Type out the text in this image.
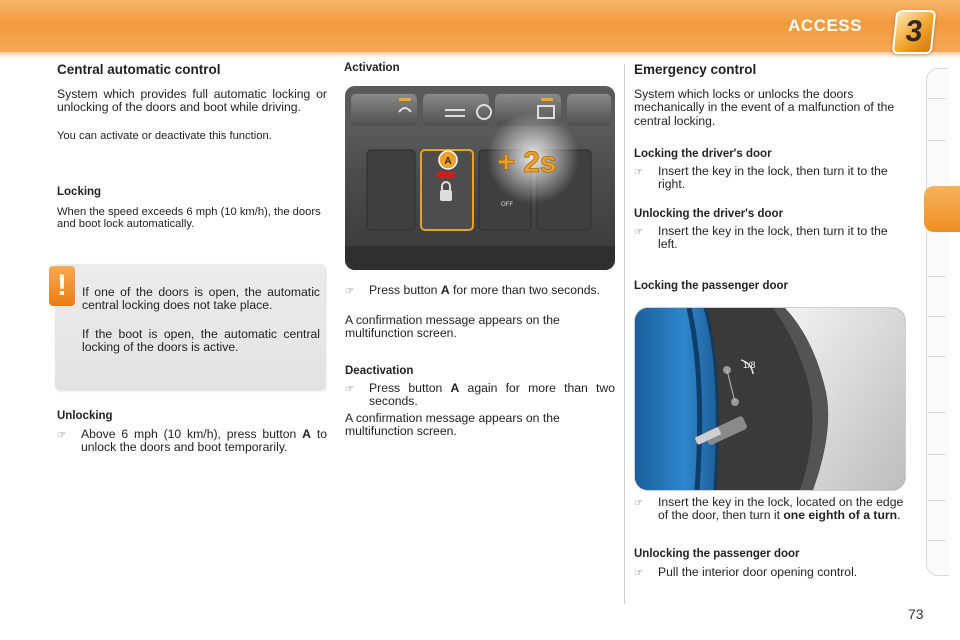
ACCESS	3
Central automatic control
System which provides full automatic locking or unlocking of the doors and boot while driving.
You can activate or deactivate this function.
Locking
When the speed exceeds 6 mph (10 km/h), the doors and boot lock automatically.
!	If one of the doors is open, the automatic central locking does not take place.
If the boot is open, the automatic central locking of the doors is active.
Unlocking
☞	Above 6 mph (10 km/h), press button A to unlock the doors and boot temporarily.
Activation
OFF
A + 2s
☞	Press button A for more than two seconds.
A confirmation message appears on the multifunction screen.
Deactivation
☞	Press button A again for more than two seconds.
A confirmation message appears on the multifunction screen.
Emergency control
System which locks or unlocks the doors mechanically in the event of a malfunction of the central locking.
Locking the driver's door
☞	Insert the key in the lock, then turn it to the right.
Unlocking the driver's door
☞	Insert the key in the lock, then turn it to the left.
Locking the passenger door
1/8
☞	Insert the key in the lock, located on the edge of the door, then turn it one eighth of a turn.
Unlocking the passenger door
☞	Pull the interior door opening control.
73
